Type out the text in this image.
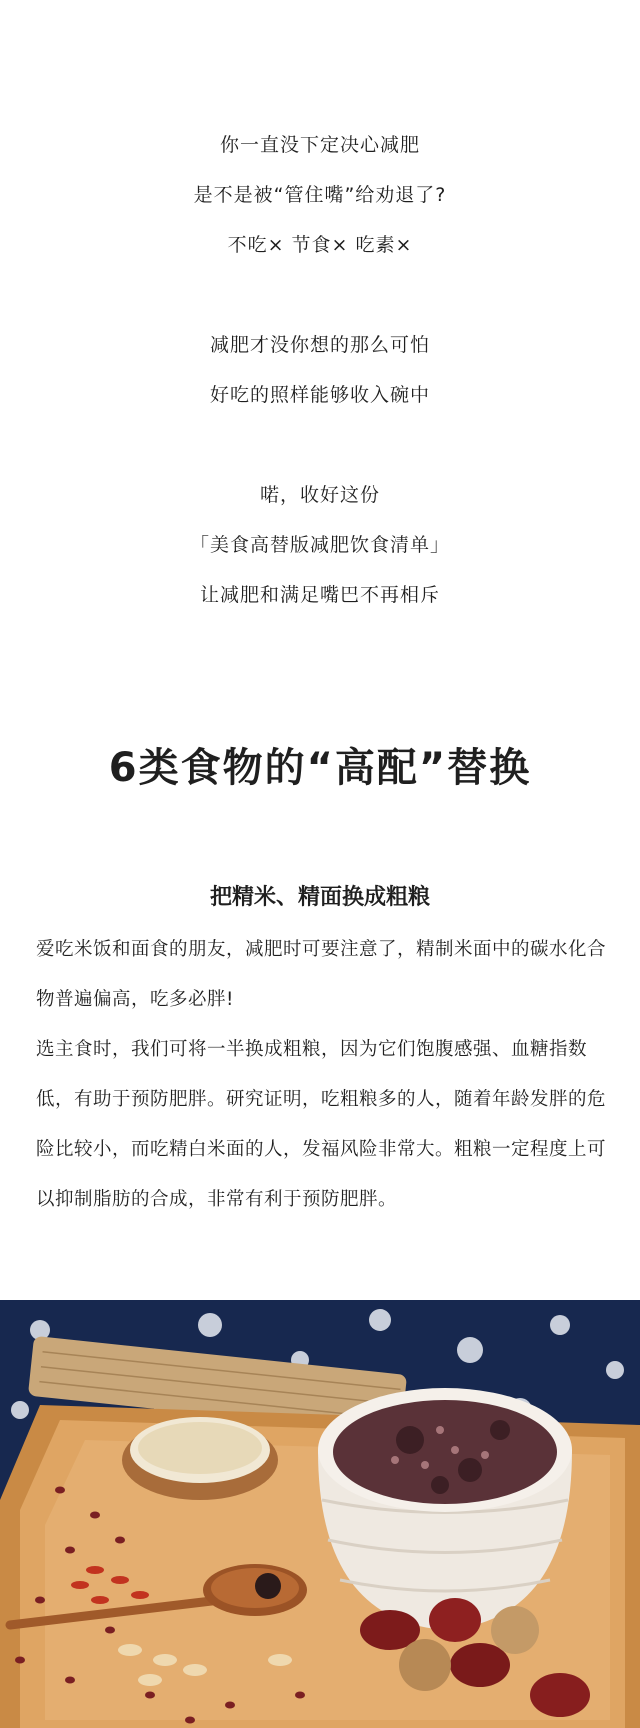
你一直没下定决心减肥

是不是被“管住嘴”给劝退了?

不吃× 节食× 吃素×

减肥才没你想的那么可怕

好吃的照样能够收入碗中

喏，收好这份

「美食高替版减肥饮食清单」

让减肥和满足嘴巴不再相斥

6类食物的“高配”替换
把精米、精面换成粗粮

爱吃米饭和面食的朋友，减肥时可要注意了，精制米面中的碳水化合物普遍偏高，吃多必胖!

选主食时，我们可将一半换成粗粮，因为它们饱腹感强、血糖指数低，有助于预防肥胖。研究证明，吃粗粮多的人，随着年龄发胖的危险比较小，而吃精白米面的人，发福风险非常大。粗粮一定程度上可以抑制脂肪的合成，非常有利于预防肥胖。
